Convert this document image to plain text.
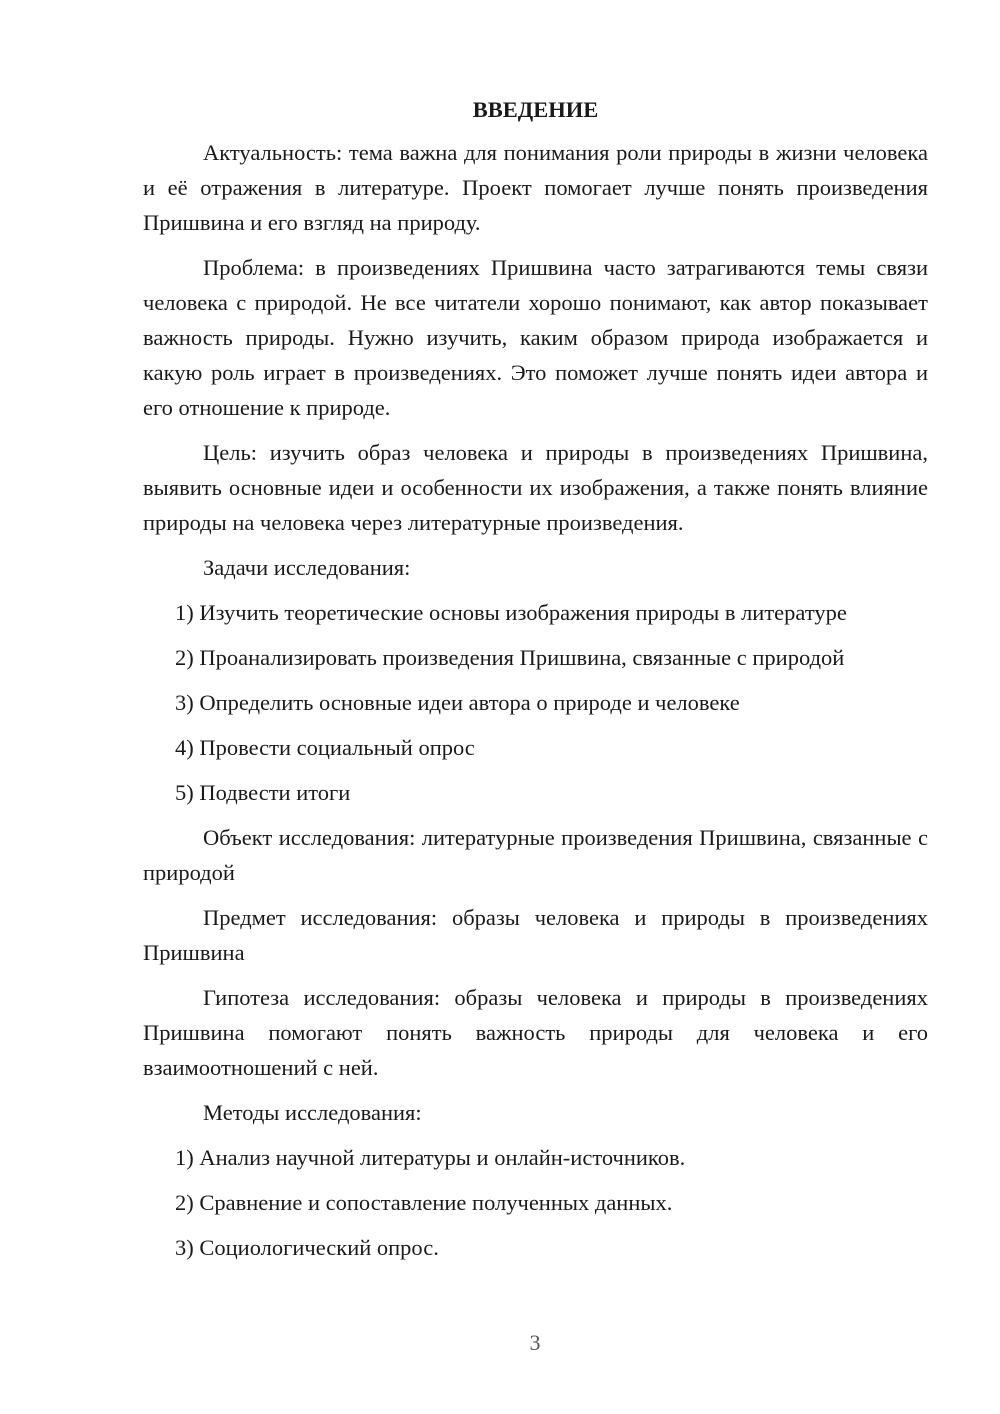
ВВЕДЕНИЕ

Актуальность: тема важна для понимания роли природы в жизни человека и её отражения в литературе. Проект помогает лучше понять произведения Пришвина и его взгляд на природу.

Проблема: в произведениях Пришвина часто затрагиваются темы связи человека с природой. Не все читатели хорошо понимают, как автор показывает важность природы. Нужно изучить, каким образом природа изображается и какую роль играет в произведениях. Это поможет лучше понять идеи автора и его отношение к природе.

Цель: изучить образ человека и природы в произведениях Пришвина, выявить основные идеи и особенности их изображения, а также понять влияние природы на человека через литературные произведения.

Задачи исследования:

1) Изучить теоретические основы изображения природы в литературе
2) Проанализировать произведения Пришвина, связанные с природой
3) Определить основные идеи автора о природе и человеке
4) Провести социальный опрос
5) Подвести итоги

Объект исследования: литературные произведения Пришвина, связанные с природой

Предмет исследования: образы человека и природы в произведениях Пришвина

Гипотеза исследования: образы человека и природы в произведениях Пришвина помогают понять важность природы для человека и его взаимоотношений с ней.

Методы исследования:

1) Анализ научной литературы и онлайн-источников.
2) Сравнение и сопоставление полученных данных.
3) Социологический опрос.
3
